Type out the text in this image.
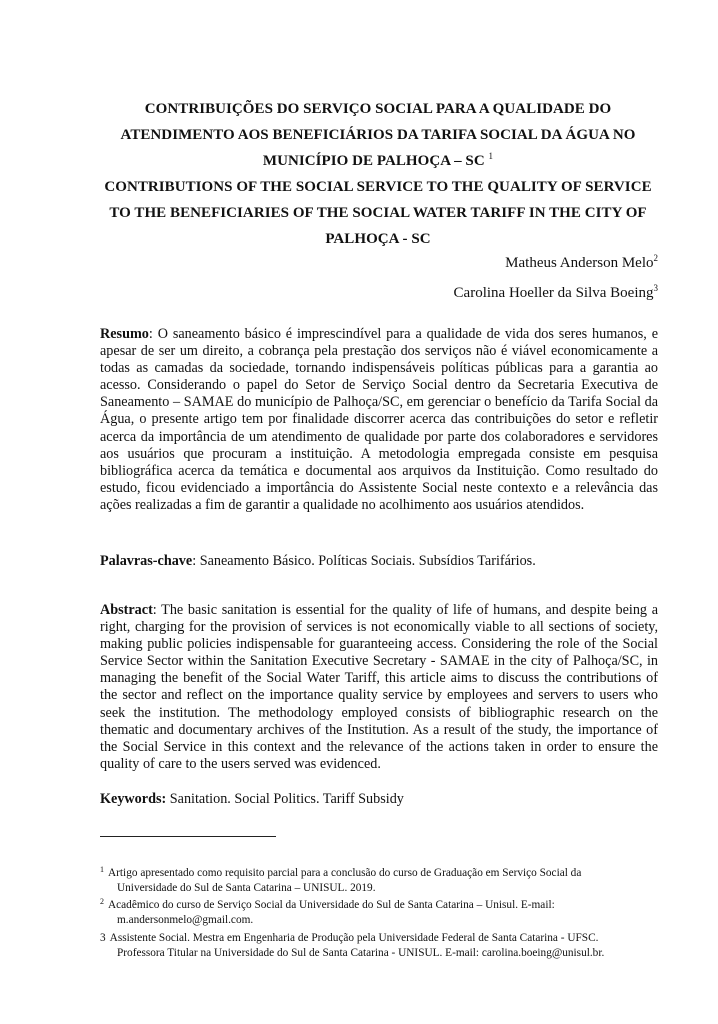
CONTRIBUIÇÕES DO SERVIÇO SOCIAL PARA A QUALIDADE DO
ATENDIMENTO AOS BENEFICIÁRIOS DA TARIFA SOCIAL DA ÁGUA NO
MUNICÍPIO DE PALHOÇA – SC $^1$
CONTRIBUTIONS OF THE SOCIAL SERVICE TO THE QUALITY OF SERVICE
TO THE BENEFICIARIES OF THE SOCIAL WATER TARIFF IN THE CITY OF
PALHOÇA - SC
Matheus Anderson Melo$^2$
Carolina Hoeller da Silva Boeing$^3$
Resumo: O saneamento básico é imprescindível para a qualidade de vida dos seres humanos, e apesar de ser um direito, a cobrança pela prestação dos serviços não é viável economicamente a todas as camadas da sociedade, tornando indispensáveis políticas públicas para a garantia ao acesso. Considerando o papel do Setor de Serviço Social dentro da Secretaria Executiva de Saneamento – SAMAE do município de Palhoça/SC, em gerenciar o benefício da Tarifa Social da Água, o presente artigo tem por finalidade discorrer acerca das contribuições do setor e refletir acerca da importância de um atendimento de qualidade por parte dos colaboradores e servidores aos usuários que procuram a instituição. A metodologia empregada consiste em pesquisa bibliográfica acerca da temática e documental aos arquivos da Instituição. Como resultado do estudo, ficou evidenciado a importância do Assistente Social neste contexto e a relevância das ações realizadas a fim de garantir a qualidade no acolhimento aos usuários atendidos.
Palavras-chave: Saneamento Básico. Políticas Sociais. Subsídios Tarifários.
Abstract: The basic sanitation is essential for the quality of life of humans, and despite being a right, charging for the provision of services is not economically viable to all sections of society, making public policies indispensable for guaranteeing access. Considering the role of the Social Service Sector within the Sanitation Executive Secretary - SAMAE in the city of Palhoça/SC, in managing the benefit of the Social Water Tariff, this article aims to discuss the contributions of the sector and reflect on the importance quality service by employees and servers to users who seek the institution. The methodology employed consists of bibliographic research on the thematic and documentary archives of the Institution. As a result of the study, the importance of the Social Service in this context and the relevance of the actions taken in order to ensure the quality of care to the users served was evidenced.
Keywords: Sanitation. Social Politics. Tariff Subsidy
$^1$ Artigo apresentado como requisito parcial para a conclusão do curso de Graduação em Serviço Social da
Universidade do Sul de Santa Catarina – UNISUL. 2019.
$^2$ Acadêmico do curso de Serviço Social da Universidade do Sul de Santa Catarina – Unisul. E-mail:
m.andersonmelo@gmail.com.
3 Assistente Social. Mestra em Engenharia de Produção pela Universidade Federal de Santa Catarina - UFSC.
Professora Titular na Universidade do Sul de Santa Catarina - UNISUL. E-mail: carolina.boeing@unisul.br.
